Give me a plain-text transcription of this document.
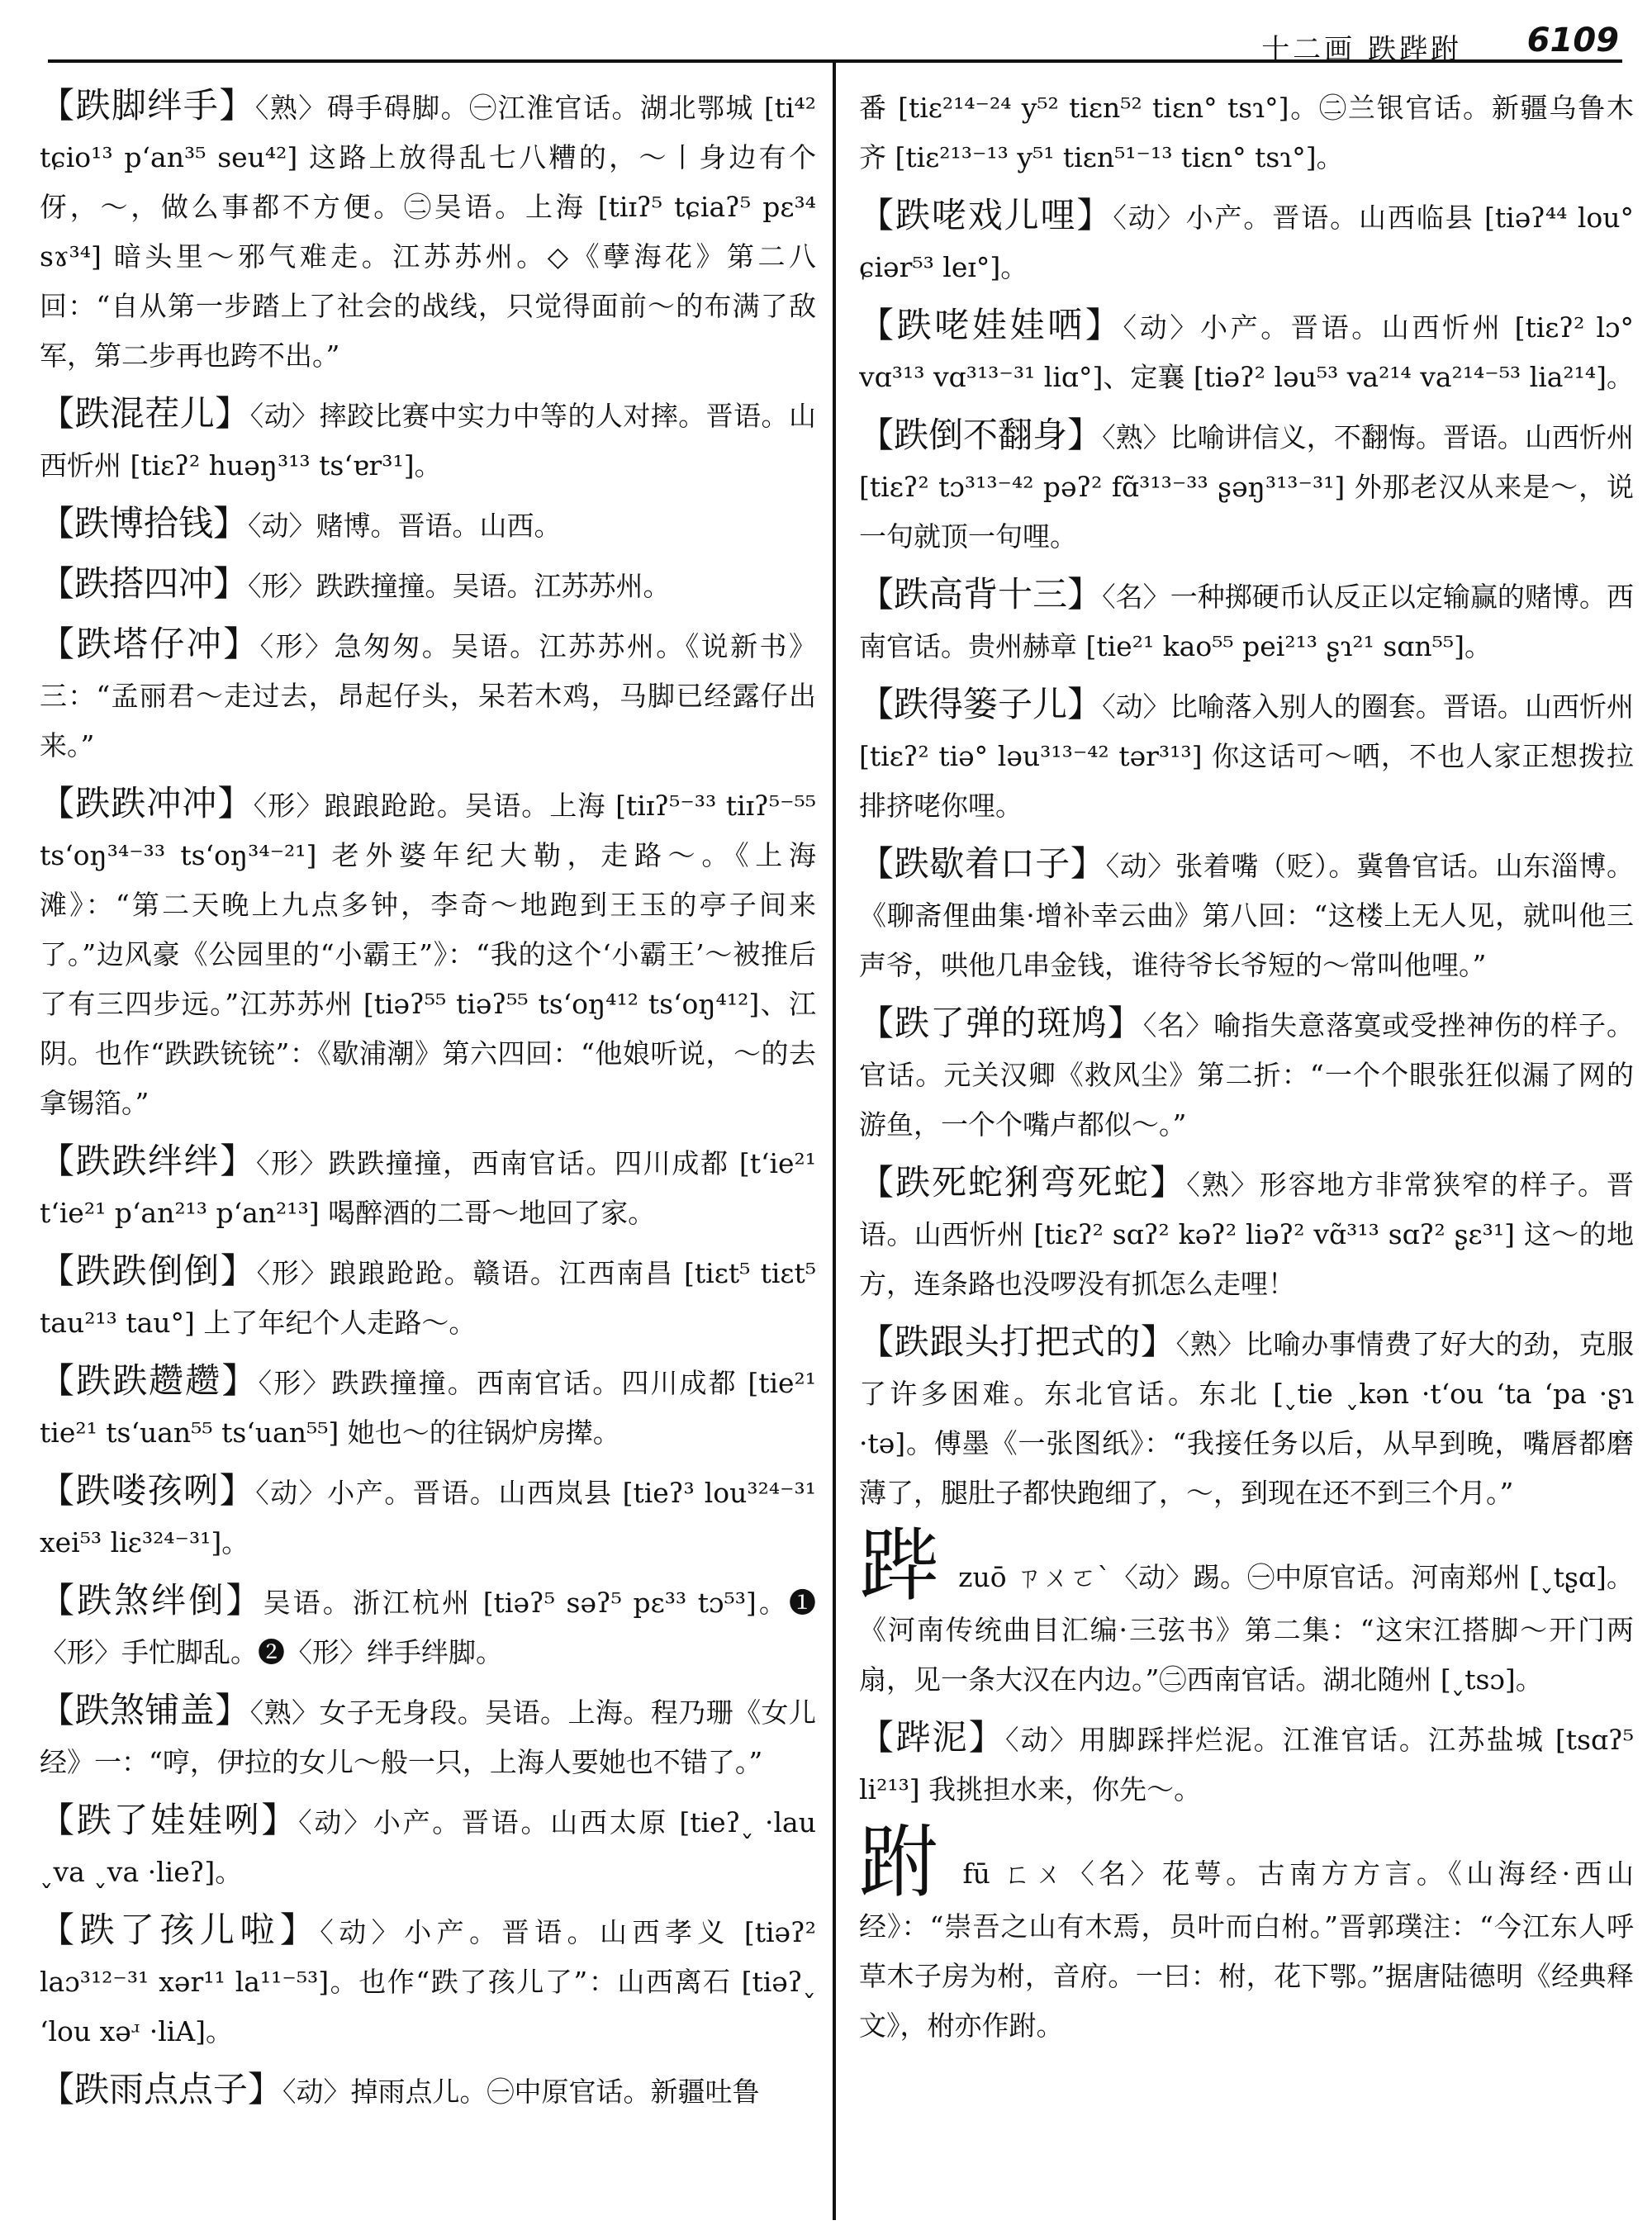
十二画 跌跸跗 6109
【跌脚绊手】〈熟〉碍手碍脚。㊀江淮官话。湖北鄂城 [ti⁴² tɕio¹³ pʻan³⁵ seu⁴²] 这路上放得乱七八糟的，～丨身边有个伢，～，做么事都不方便。㊁吴语。上海 [tiɪʔ⁵ tɕiaʔ⁵ pɛ³⁴ sɤ³⁴] 暗头里～邪气难走。江苏苏州。◇《孽海花》第二八回：“自从第一步踏上了社会的战线，只觉得面前～的布满了敌军，第二步再也跨不出。”
【跌混茬儿】〈动〉摔跤比赛中实力中等的人对摔。晋语。山西忻州 [tiɛʔ² huəŋ³¹³ tsʻɐr³¹]。
【跌博拾钱】〈动〉赌博。晋语。山西。
【跌搭四冲】〈形〉跌跌撞撞。吴语。江苏苏州。
【跌塔仔冲】〈形〉急匆匆。吴语。江苏苏州。《说新书》三：“孟丽君～走过去，昂起仔头，呆若木鸡，马脚已经露仔出来。”
【跌跌冲冲】〈形〉踉踉跄跄。吴语。上海 [tiɪʔ⁵⁻³³ tiɪʔ⁵⁻⁵⁵ tsʻoŋ³⁴⁻³³ tsʻoŋ³⁴⁻²¹] 老外婆年纪大勒，走路～。《上海滩》：“第二天晚上九点多钟，李奇～地跑到王玉的亭子间来了。”边风豪《公园里的“小霸王”》：“我的这个‘小霸王’～被推后了有三四步远。”江苏苏州 [tiəʔ⁵⁵ tiəʔ⁵⁵ tsʻoŋ⁴¹² tsʻoŋ⁴¹²]、江阴。也作“跌跌铳铳”：《歇浦潮》第六四回：“他娘听说，～的去拿锡箔。”
【跌跌绊绊】〈形〉跌跌撞撞，西南官话。四川成都 [tʻie²¹ tʻie²¹ pʻan²¹³ pʻan²¹³] 喝醉酒的二哥～地回了家。
【跌跌倒倒】〈形〉踉踉跄跄。赣语。江西南昌 [tiɛt⁵ tiɛt⁵ tau²¹³ tau°] 上了年纪个人走路～。
【跌跌趱趱】〈形〉跌跌撞撞。西南官话。四川成都 [tie²¹ tie²¹ tsʻuan⁵⁵ tsʻuan⁵⁵] 她也～的往锅炉房撵。
【跌喽孩咧】〈动〉小产。晋语。山西岚县 [tieʔ³ lou³²⁴⁻³¹ xei⁵³ liɛ³²⁴⁻³¹]。
【跌煞绊倒】吴语。浙江杭州 [tiəʔ⁵ səʔ⁵ pɛ³³ tɔ⁵³]。❶〈形〉手忙脚乱。❷〈形〉绊手绊脚。
【跌煞铺盖】〈熟〉女子无身段。吴语。上海。程乃珊《女儿经》一：“哼，伊拉的女儿～般一只，上海人要她也不错了。”
【跌了娃娃咧】〈动〉小产。晋语。山西太原 [tieʔ˯ ·lau ˯va ˯va ·lieʔ]。
【跌了孩儿啦】〈动〉小产。晋语。山西孝义 [tiəʔ² laɔ³¹²⁻³¹ xər¹¹ la¹¹⁻⁵³]。也作“跌了孩儿了”：山西离石 [tiəʔ˯ ʻlou xəʴ ·liA]。
【跌雨点点子】〈动〉掉雨点儿。㊀中原官话。新疆吐鲁
番 [tiɛ²¹⁴⁻²⁴ y⁵² tiɛn⁵² tiɛn° tsɿ°]。㊁兰银官话。新疆乌鲁木齐 [tiɛ²¹³⁻¹³ y⁵¹ tiɛn⁵¹⁻¹³ tiɛn° tsɿ°]。
【跌咾戏儿哩】〈动〉小产。晋语。山西临县 [tiəʔ⁴⁴ lou° ɕiər⁵³ leɪ°]。
【跌咾娃娃哂】〈动〉小产。晋语。山西忻州 [tiɛʔ² lɔ° vɑ³¹³ vɑ³¹³⁻³¹ liɑ°]、定襄 [tiəʔ² ləu⁵³ va²¹⁴ va²¹⁴⁻⁵³ lia²¹⁴]。
【跌倒不翻身】〈熟〉比喻讲信义，不翻悔。晋语。山西忻州 [tiɛʔ² tɔ³¹³⁻⁴² pəʔ² fɑ̃³¹³⁻³³ ʂəŋ³¹³⁻³¹] 外那老汉从来是～，说一句就顶一句哩。
【跌高背十三】〈名〉一种掷硬币认反正以定输赢的赌博。西南官话。贵州赫章 [tie²¹ kao⁵⁵ pei²¹³ ʂɿ²¹ sɑn⁵⁵]。
【跌得篓子儿】〈动〉比喻落入别人的圈套。晋语。山西忻州 [tiɛʔ² tiə° ləu³¹³⁻⁴² tər³¹³] 你这话可～哂，不也人家正想拨拉排挤咾你哩。
【跌歇着口子】〈动〉张着嘴（贬）。冀鲁官话。山东淄博。《聊斋俚曲集·增补幸云曲》第八回：“这楼上无人见，就叫他三声爷，哄他几串金钱，谁待爷长爷短的～常叫他哩。”
【跌了弹的斑鸠】〈名〉喻指失意落寞或受挫神伤的样子。官话。元关汉卿《救风尘》第二折：“一个个眼张狂似漏了网的游鱼，一个个嘴卢都似～。”
【跌死蛇猁弯死蛇】〈熟〉形容地方非常狭窄的样子。晋语。山西忻州 [tiɛʔ² sɑʔ² kəʔ² liəʔ² vɑ̃³¹³ sɑʔ² ʂɛ³¹] 这～的地方，连条路也没啰没有抓怎么走哩！
【跌跟头打把式的】〈熟〉比喻办事情费了好大的劲，克服了许多困难。东北官话。东北 [˯tie ˯kən ·tʻou ʻta ʻpa ·ʂɿ ·tə]。傅墨《一张图纸》：“我接任务以后，从早到晚，嘴唇都磨薄了，腿肚子都快跑细了，～，到现在还不到三个月。”
跸zuō ㄗㄨㄛˋ〈动〉踢。㊀中原官话。河南郑州 [˯tʂɑ]。《河南传统曲目汇编·三弦书》第二集：“这宋江搭脚～开门两扇，见一条大汉在内边。”㊁西南官话。湖北随州 [˯tsɔ]。
【跸泥】〈动〉用脚踩拌烂泥。江淮官话。江苏盐城 [tsɑʔ⁵ li²¹³] 我挑担水来，你先～。
跗fū ㄈㄨ〈名〉花萼。古南方方言。《山海经·西山经》：“崇吾之山有木焉，员叶而白柎。”晋郭璞注：“今江东人呼草木子房为柎，音府。一曰：柎，花下鄂。”据唐陆德明《经典释文》，柎亦作跗。
